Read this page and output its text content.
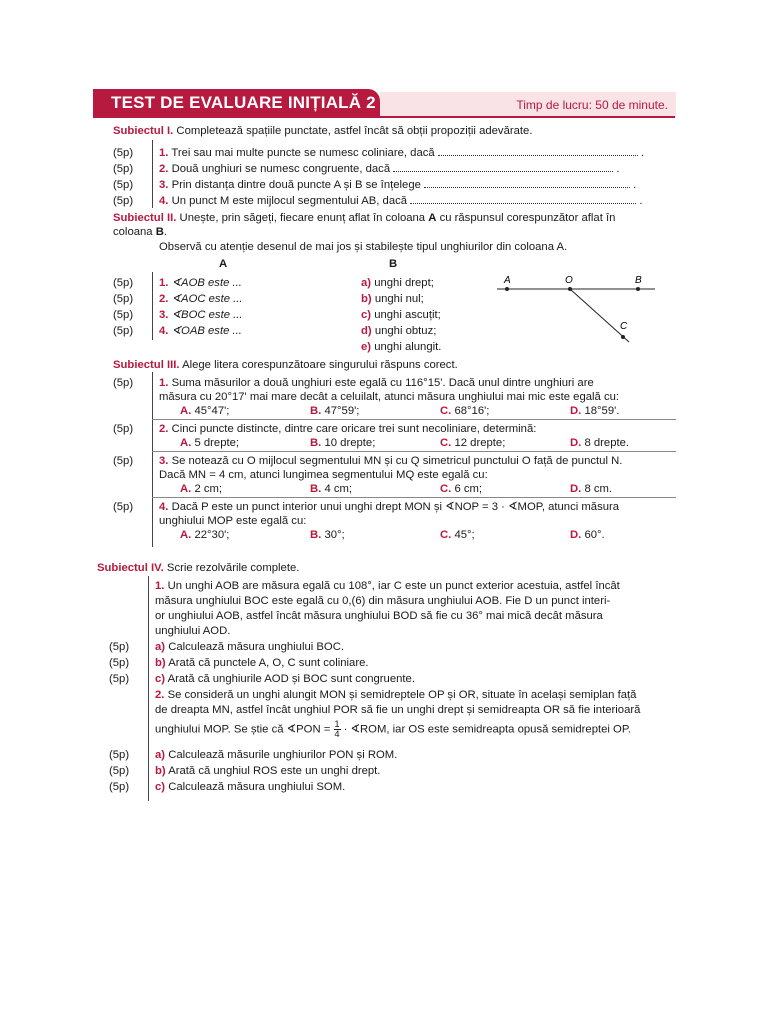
TEST DE EVALUARE INIȚIALĂ 2	Timp de lucru: 50 de minute.
Subiectul I. Completează spațiile punctate, astfel încât să obții propoziții adevărate.
(5p) 1. Trei sau mai multe puncte se numesc coliniare, dacă	.
(5p) 2. Două unghiuri se numesc congruente, dacă	.
(5p) 3. Prin distanța dintre două puncte A și B se înțelege	.
(5p) 4. Un punct M este mijlocul segmentului AB, dacă	.
Subiectul II. Unește, prin săgeți, fiecare enunț aflat în coloana A cu răspunsul corespunzător aflat în
coloana B.
Observă cu atenție desenul de mai jos și stabilește tipul unghiurilor din coloana A.
A	B
(5p) 1. ∢AOB este ...	a) unghi drept;
(5p) 2. ∢AOC este ...	b) unghi nul;
(5p) 3. ∢BOC este ...	c) unghi ascuțit;
(5p) 4. ∢OAB este ...	d) unghi obtuz;
e) unghi alungit.
A	O	B
C
Subiectul III. Alege litera corespunzătoare singurului răspuns corect.
(5p) 1. Suma măsurilor a două unghiuri este egală cu 116°15'. Dacă unul dintre unghiuri are
măsura cu 20°17' mai mare decât a celuilalt, atunci măsura unghiului mai mic este egală cu:
A. 45°47';	B. 47°59';	C. 68°16';	D. 18°59'.
(5p) 2. Cinci puncte distincte, dintre care oricare trei sunt necoliniare, determină:
A. 5 drepte;	B. 10 drepte;	C. 12 drepte;	D. 8 drepte.
(5p) 3. Se notează cu O mijlocul segmentului MN și cu Q simetricul punctului O față de punctul N.
Dacă MN = 4 cm, atunci lungimea segmentului MQ este egală cu:
A. 2 cm;	B. 4 cm;	C. 6 cm;	D. 8 cm.
(5p) 4. Dacă P este un punct interior unui unghi drept MON și ∢NOP = 3 · ∢MOP, atunci măsura
unghiului MOP este egală cu:
A. 22°30';	B. 30°;	C. 45°;	D. 60°.
Subiectul IV. Scrie rezolvările complete.
1. Un unghi AOB are măsura egală cu 108°, iar C este un punct exterior acestuia, astfel încât
măsura unghiului BOC este egală cu 0,(6) din măsura unghiului AOB. Fie D un punct interi-
or unghiului AOB, astfel încât măsura unghiului BOD să fie cu 36° mai mică decât măsura
unghiului AOD.
(5p) a) Calculează măsura unghiului BOC.
(5p) b) Arată că punctele A, O, C sunt coliniare.
(5p) c) Arată că unghiurile AOD și BOC sunt congruente.
2. Se consideră un unghi alungit MON și semidreptele OP și OR, situate în același semiplan față
de dreapta MN, astfel încât unghiul POR să fie un unghi drept și semidreapta OR să fie interioară
unghiului MOP. Se știe că ∢PON = $\frac{1}{4}$ · ∢ROM, iar OS este semidreapta opusă semidreptei OP.
(5p) a) Calculează măsurile unghiurilor PON și ROM.
(5p) b) Arată că unghiul ROS este un unghi drept.
(5p) c) Calculează măsura unghiului SOM.
